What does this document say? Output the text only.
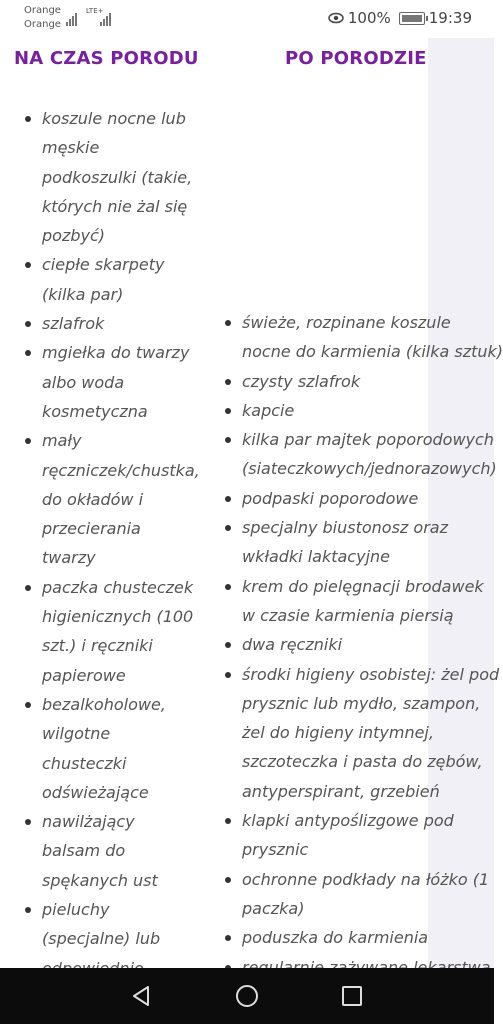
Orange
Orange
LTE+	100%	19:39
NA CZAS PORODU	PO PORODZIE
koszule nocne lub
męskie
podkoszulki (takie,
których nie żal się
pozbyć)
ciepłe skarpety
(kilka par)
szlafrok
mgiełka do twarzy
albo woda
kosmetyczna
mały
ręczniczek/chustka,
do okładów i
przecierania
twarzy
paczka chusteczek
higienicznych (100
szt.) i ręczniki
papierowe
bezalkoholowe,
wilgotne
chusteczki
odświeżające
nawilżający
balsam do
spękanych ust
pieluchy
(specjalne) lub
świeże, rozpinane koszule
nocne do karmienia (kilka sztuk)
czysty szlafrok
kapcie
kilka par majtek poporodowych
(siateczkowych/jednorazowych)
podpaski poporodowe
specjalny biustonosz oraz
wkładki laktacyjne
krem do pielęgnacji brodawek
w czasie karmienia piersią
dwa ręczniki
środki higieny osobistej: żel pod
prysznic lub mydło, szampon,
żel do higieny intymnej,
szczoteczka i pasta do zębów,
antyperspirant, grzebień
klapki antypoślizgowe pod
prysznic
ochronne podkłady na łóżko (1
paczka)
poduszka do karmienia
